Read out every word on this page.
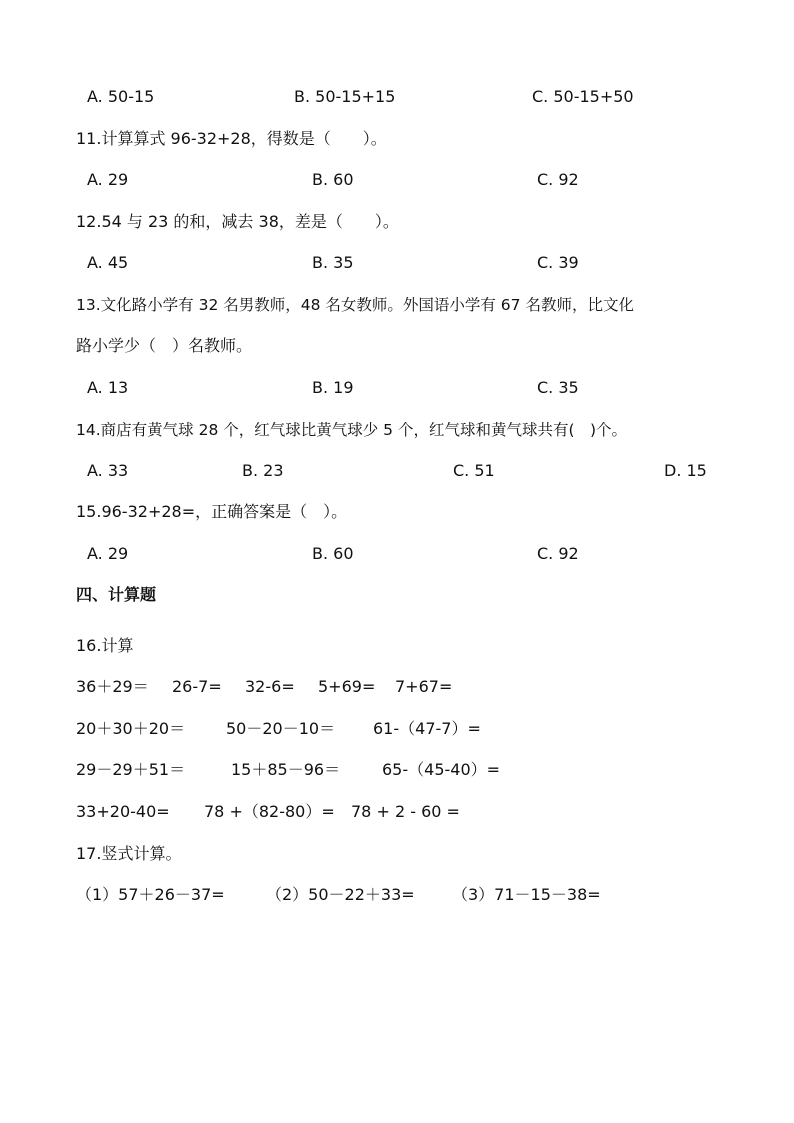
A. 50-15	B. 50-15+15	C. 50-15+50
11.计算算式 96-32+28，得数是（　　）。
A. 29	B. 60	C. 92
12.54 与 23 的和，减去 38，差是（　　）。
A. 45	B. 35	C. 39
13.文化路小学有 32 名男教师，48 名女教师。外国语小学有 67 名教师，比文化
路小学少（　）名教师。
A. 13	B. 19	C. 35
14.商店有黄气球 28 个，红气球比黄气球少 5 个，红气球和黄气球共有(　)个。
A. 33	B. 23	C. 51	D. 15
15.96-32+28=，正确答案是（　）。
A. 29	B. 60	C. 92
四、计算题
16.计算
36＋29＝ 26-7= 32-6= 5+69= 7+67=
20＋30＋20＝	50－20－10＝ 61-（47-7）=
29－29＋51＝	15＋85－96＝	65-（45-40）=
33+20-40= 78 +（82-80）= 78 + 2 - 60 =
17.竖式计算。
（1）57＋26－37=	（2）50－22＋33= （3）71－15－38=
